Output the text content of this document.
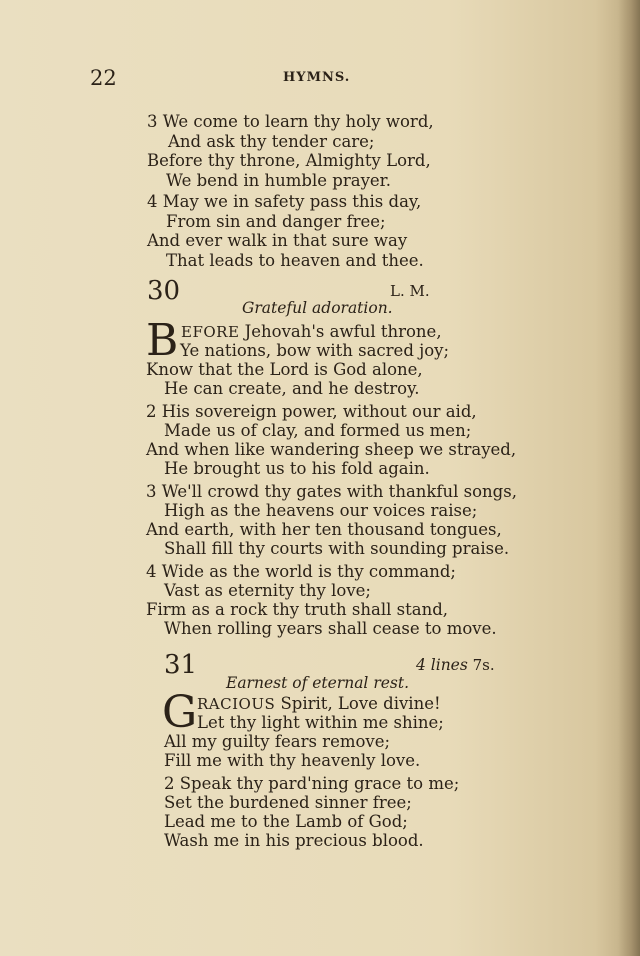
22	HYMNS.
3 We come to learn thy holy word,
And ask thy tender care;
Before thy throne, Almighty Lord,
We bend in humble prayer.
4 May we in safety pass this day,
From sin and danger free;
And ever walk in that sure way
That leads to heaven and thee.
30	L. M.
Grateful adoration.
B EFORE Jehovah's awful throne,
Ye nations, bow with sacred joy;
Know that the Lord is God alone,
He can create, and he destroy.
2 His sovereign power, without our aid,
Made us of clay, and formed us men;
And when like wandering sheep we strayed,
He brought us to his fold again.
3 We'll crowd thy gates with thankful songs,
High as the heavens our voices raise;
And earth, with her ten thousand tongues,
Shall fill thy courts with sounding praise.
4 Wide as the world is thy command;
Vast as eternity thy love;
Firm as a rock thy truth shall stand,
When rolling years shall cease to move.
31	4 lines 7s.
Earnest of eternal rest.
G RACIOUS Spirit, Love divine!
Let thy light within me shine;
All my guilty fears remove;
Fill me with thy heavenly love.
2 Speak thy pard'ning grace to me;
Set the burdened sinner free;
Lead me to the Lamb of God;
Wash me in his precious blood.
